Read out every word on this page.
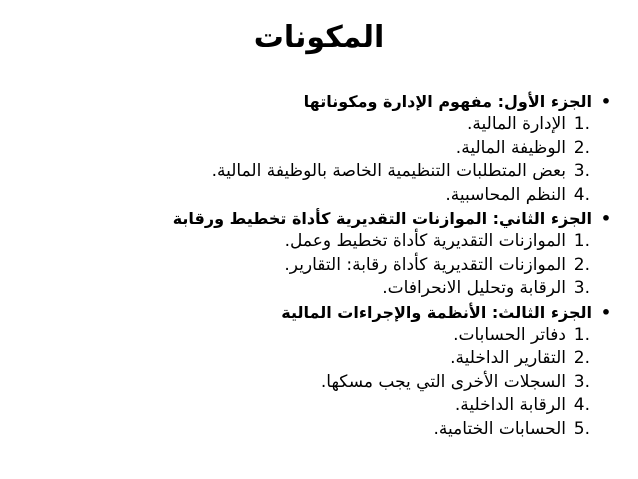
المكونات
•
الجزء الأول: مفهوم الإدارة ومكوناتها
1.
الإدارة المالية.
2.
الوظيفة المالية.
3.
بعض المتطلبات التنظيمية الخاصة بالوظيفة المالية.
4.
النظم المحاسبية.
•
الجزء الثاني: الموازنات التقديرية كأداة تخطيط ورقابة
1.
الموازنات التقديرية كأداة تخطيط وعمل.
2.
الموازنات التقديرية كأداة رقابة: التقارير.
3.
الرقابة وتحليل الانحرافات.
•
الجزء الثالث: الأنظمة والإجراءات المالية
1.
دفاتر الحسابات.
2.
التقارير الداخلية.
3.
السجلات الأخرى التي يجب مسكها.
4.
الرقابة الداخلية.
5.
الحسابات الختامية.
